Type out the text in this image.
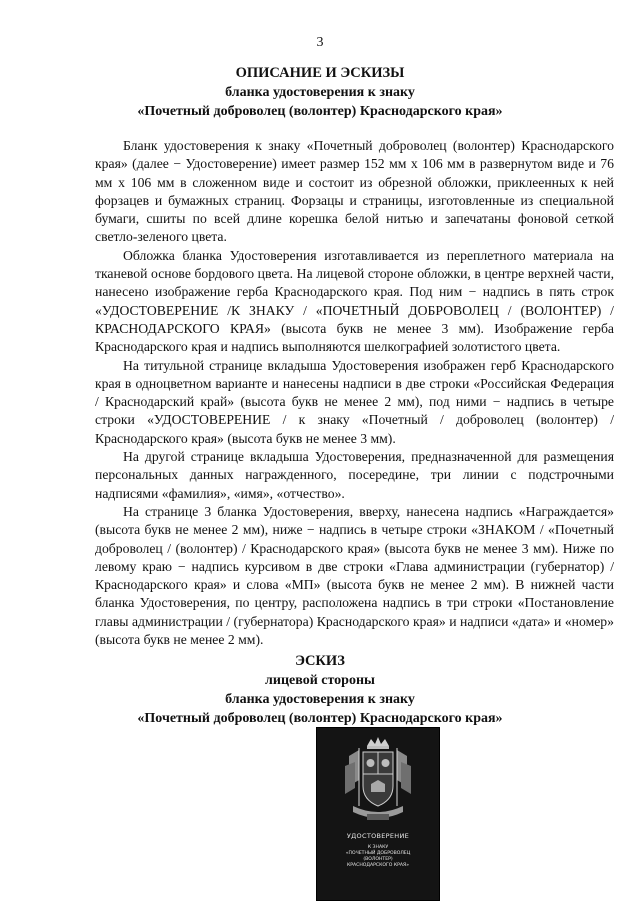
3
ОПИСАНИЕ И ЭСКИЗЫ
бланка удостоверения к знаку
«Почетный доброволец (волонтер) Краснодарского края»

Бланк удостоверения к знаку «Почетный доброволец (волонтер) Краснодарского края» (далее − Удостоверение) имеет размер 152 мм х 106 мм в развернутом виде и 76 мм х 106 мм в сложенном виде и состоит из обрезной обложки, приклеенных к ней форзацев и бумажных страниц. Форзацы и страницы, изготовленные из специальной бумаги, сшиты по всей длине корешка белой нитью и запечатаны фоновой сеткой светло-зеленого цвета.

Обложка бланка Удостоверения изготавливается из переплетного материала на тканевой основе бордового цвета. На лицевой стороне обложки, в центре верхней части, нанесено изображение герба Краснодарского края. Под ним − надпись в пять строк «УДОСТОВЕРЕНИЕ /К ЗНАКУ / «ПОЧЕТНЫЙ ДОБРОВОЛЕЦ / (ВОЛОНТЕР) / КРАСНОДАРСКОГО КРАЯ» (высота букв не менее 3 мм). Изображение герба Краснодарского края и надпись выполняются шелкографией золотистого цвета.

На титульной странице вкладыша Удостоверения изображен герб Краснодарского края в одноцветном варианте и нанесены надписи в две строки «Российская Федерация / Краснодарский край» (высота букв не менее 2 мм), под ними − надпись в четыре строки «УДОСТОВЕРЕНИЕ / к знаку «Почетный / доброволец (волонтер) / Краснодарского края» (высота букв не менее 3 мм).

На другой странице вкладыша Удостоверения, предназначенной для размещения персональных данных награжденного, посередине, три линии с подстрочными надписями «фамилия», «имя», «отчество».

На странице 3 бланка Удостоверения, вверху, нанесена надпись «Награждается» (высота букв не менее 2 мм), ниже − надпись в четыре строки «ЗНАКОМ / «Почетный доброволец / (волонтер) / Краснодарского края» (высота букв не менее 3 мм). Ниже по левому краю − надпись курсивом в две строки «Глава администрации (губернатор) / Краснодарского края» и слова «МП» (высота букв не менее 2 мм). В нижней части бланка Удостоверения, по центру, расположена надпись в три строки «Постановление главы администрации / (губернатора) Краснодарского края» и надписи «дата» и «номер» (высота букв не менее 2 мм).

ЭСКИЗ
лицевой стороны
бланка удостоверения к знаку
«Почетный доброволец (волонтер) Краснодарского края»
УДОСТОВЕРЕНИЕ
К ЗНАКУ
«ПОЧЕТНЫЙ ДОБРОВОЛЕЦ
(ВОЛОНТЕР)
КРАСНОДАРСКОГО КРАЯ»
